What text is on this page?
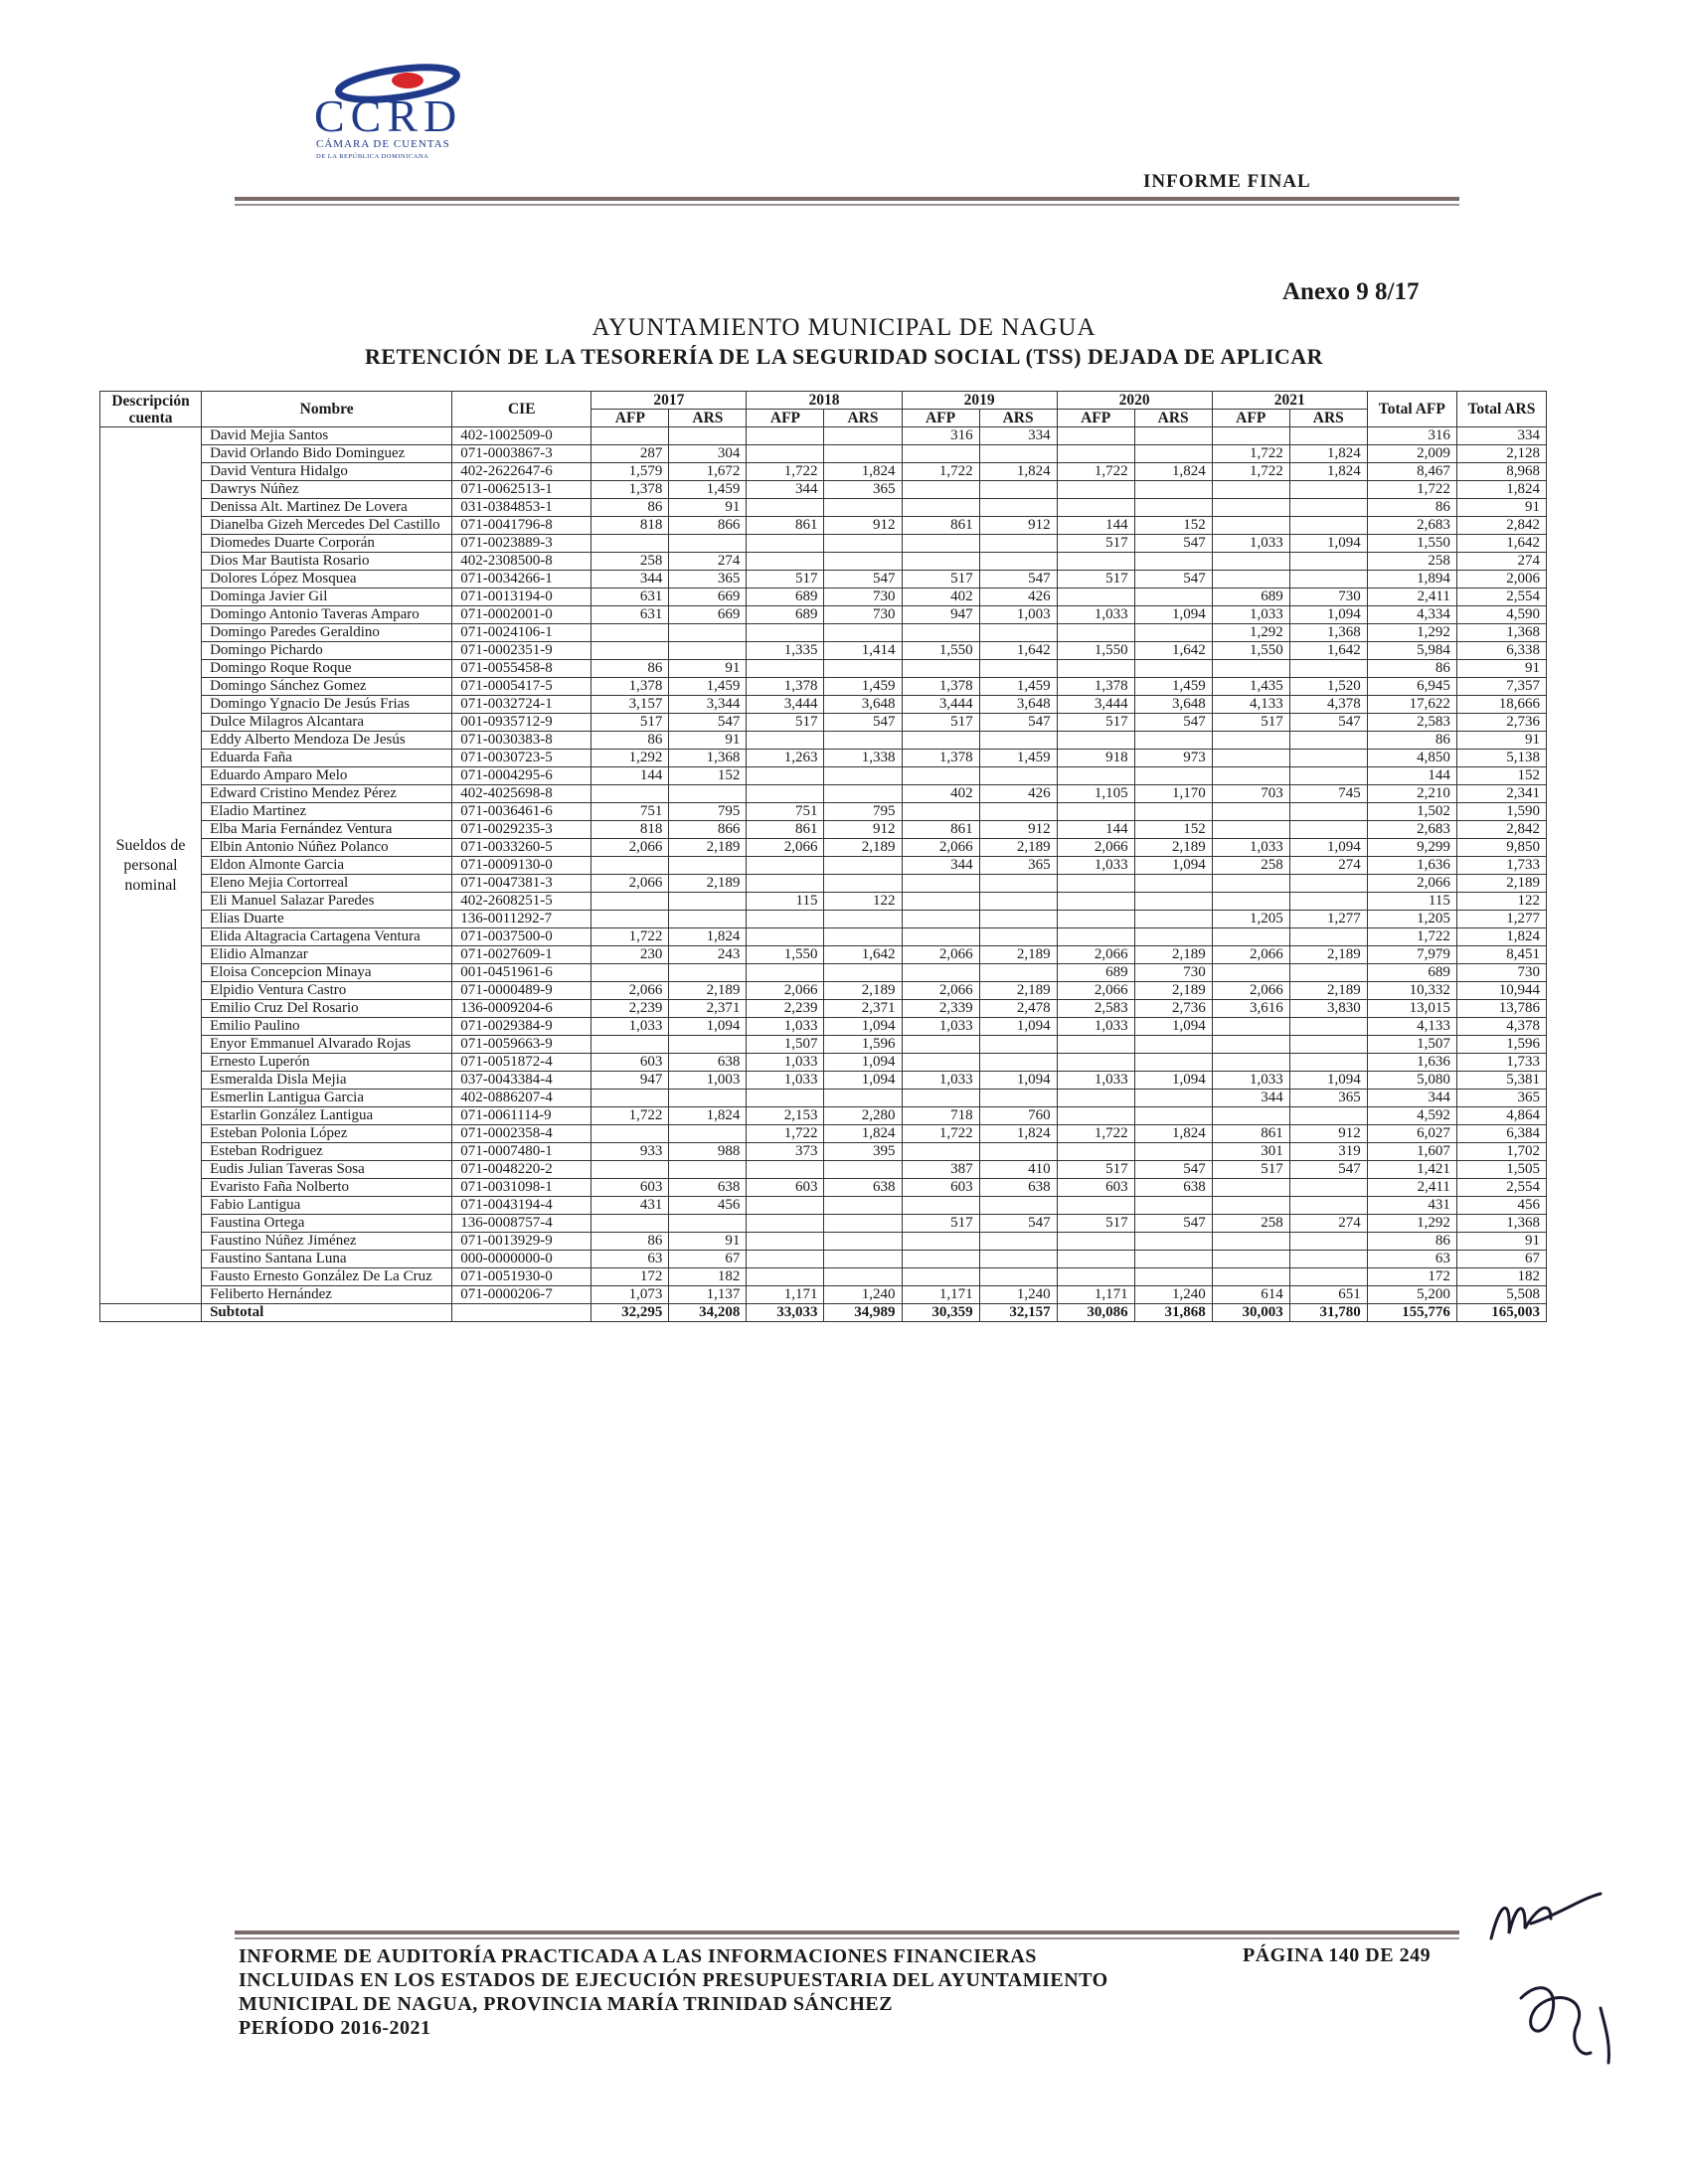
CCRD
CÁMARA DE CUENTAS
DE LA REPÚBLICA DOMINICANA
INFORME FINAL
Anexo 9 8/17
AYUNTAMIENTO MUNICIPAL DE NAGUA
RETENCIÓN DE LA TESORERÍA DE LA SEGURIDAD SOCIAL (TSS) DEJADA DE APLICAR
Descripción cuenta	Nombre	CIE	2017		2018		2019		2020		2021		Total AFP	Total ARS
			AFP	ARS	AFP	ARS	AFP	ARS	AFP	ARS	AFP	ARS		
Sueldos de personal nominal	David Mejia Santos	402-1002509-0					316	334					316	334
	David Orlando Bido Dominguez	071-0003867-3	287	304							1,722	1,824	2,009	2,128
	David Ventura Hidalgo	402-2622647-6	1,579	1,672	1,722	1,824	1,722	1,824	1,722	1,824	1,722	1,824	8,467	8,968
	Dawrys Núñez	071-0062513-1	1,378	1,459	344	365							1,722	1,824
	Denissa Alt. Martinez De Lovera	031-0384853-1	86	91									86	91
	Dianelba Gizeh Mercedes Del Castillo	071-0041796-8	818	866	861	912	861	912	144	152			2,683	2,842
	Diomedes Duarte Corporán	071-0023889-3							517	547	1,033	1,094	1,550	1,642
	Dios Mar Bautista Rosario	402-2308500-8	258	274									258	274
	Dolores López Mosquea	071-0034266-1	344	365	517	547	517	547	517	547			1,894	2,006
	Dominga Javier Gil	071-0013194-0	631	669	689	730	402	426			689	730	2,411	2,554
	Domingo Antonio Taveras Amparo	071-0002001-0	631	669	689	730	947	1,003	1,033	1,094	1,033	1,094	4,334	4,590
	Domingo Paredes Geraldino	071-0024106-1									1,292	1,368	1,292	1,368
	Domingo Pichardo	071-0002351-9			1,335	1,414	1,550	1,642	1,550	1,642	1,550	1,642	5,984	6,338
	Domingo Roque Roque	071-0055458-8	86	91									86	91
	Domingo Sánchez Gomez	071-0005417-5	1,378	1,459	1,378	1,459	1,378	1,459	1,378	1,459	1,435	1,520	6,945	7,357
	Domingo Ygnacio De Jesús Frias	071-0032724-1	3,157	3,344	3,444	3,648	3,444	3,648	3,444	3,648	4,133	4,378	17,622	18,666
	Dulce Milagros Alcantara	001-0935712-9	517	547	517	547	517	547	517	547	517	547	2,583	2,736
	Eddy Alberto Mendoza De Jesús	071-0030383-8	86	91									86	91
	Eduarda Faña	071-0030723-5	1,292	1,368	1,263	1,338	1,378	1,459	918	973			4,850	5,138
	Eduardo Amparo Melo	071-0004295-6	144	152									144	152
	Edward Cristino Mendez Pérez	402-4025698-8					402	426	1,105	1,170	703	745	2,210	2,341
	Eladio Martinez	071-0036461-6	751	795	751	795							1,502	1,590
	Elba Maria Fernández Ventura	071-0029235-3	818	866	861	912	861	912	144	152			2,683	2,842
	Elbin Antonio Núñez Polanco	071-0033260-5	2,066	2,189	2,066	2,189	2,066	2,189	2,066	2,189	1,033	1,094	9,299	9,850
	Eldon Almonte Garcia	071-0009130-0					344	365	1,033	1,094	258	274	1,636	1,733
	Eleno Mejia Cortorreal	071-0047381-3	2,066	2,189									2,066	2,189
	Eli Manuel Salazar Paredes	402-2608251-5			115	122							115	122
	Elias Duarte	136-0011292-7									1,205	1,277	1,205	1,277
	Elida Altagracia Cartagena Ventura	071-0037500-0	1,722	1,824									1,722	1,824
	Elidio Almanzar	071-0027609-1	230	243	1,550	1,642	2,066	2,189	2,066	2,189	2,066	2,189	7,979	8,451
	Eloisa Concepcion Minaya	001-0451961-6							689	730			689	730
	Elpidio Ventura Castro	071-0000489-9	2,066	2,189	2,066	2,189	2,066	2,189	2,066	2,189	2,066	2,189	10,332	10,944
	Emilio Cruz Del Rosario	136-0009204-6	2,239	2,371	2,239	2,371	2,339	2,478	2,583	2,736	3,616	3,830	13,015	13,786
	Emilio Paulino	071-0029384-9	1,033	1,094	1,033	1,094	1,033	1,094	1,033	1,094			4,133	4,378
	Enyor Emmanuel Alvarado Rojas	071-0059663-9			1,507	1,596							1,507	1,596
	Ernesto Luperón	071-0051872-4	603	638	1,033	1,094							1,636	1,733
	Esmeralda Disla Mejia	037-0043384-4	947	1,003	1,033	1,094	1,033	1,094	1,033	1,094	1,033	1,094	5,080	5,381
	Esmerlin Lantigua Garcia	402-0886207-4									344	365	344	365
	Estarlin González Lantigua	071-0061114-9	1,722	1,824	2,153	2,280	718	760					4,592	4,864
	Esteban Polonia López	071-0002358-4			1,722	1,824	1,722	1,824	1,722	1,824	861	912	6,027	6,384
	Esteban Rodriguez	071-0007480-1	933	988	373	395					301	319	1,607	1,702
	Eudis Julian Taveras Sosa	071-0048220-2					387	410	517	547	517	547	1,421	1,505
	Evaristo Faña Nolberto	071-0031098-1	603	638	603	638	603	638	603	638			2,411	2,554
	Fabio Lantigua	071-0043194-4	431	456									431	456
	Faustina Ortega	136-0008757-4					517	547	517	547	258	274	1,292	1,368
	Faustino Núñez Jiménez	071-0013929-9	86	91									86	91
	Faustino Santana Luna	000-0000000-0	63	67									63	67
	Fausto Ernesto González De La Cruz	071-0051930-0	172	182									172	182
	Feliberto Hernández	071-0000206-7	1,073	1,137	1,171	1,240	1,171	1,240	1,171	1,240	614	651	5,200	5,508
	Subtotal		32,295	34,208	33,033	34,989	30,359	32,157	30,086	31,868	30,003	31,780	155,776	165,003
INFORME DE AUDITORÍA PRACTICADA A LAS INFORMACIONES FINANCIERAS
INCLUIDAS EN LOS ESTADOS DE EJECUCIÓN PRESUPUESTARIA DEL AYUNTAMIENTO
MUNICIPAL DE NAGUA, PROVINCIA MARÍA TRINIDAD SÁNCHEZ
PERÍODO 2016-2021
PÁGINA 140 DE 249
